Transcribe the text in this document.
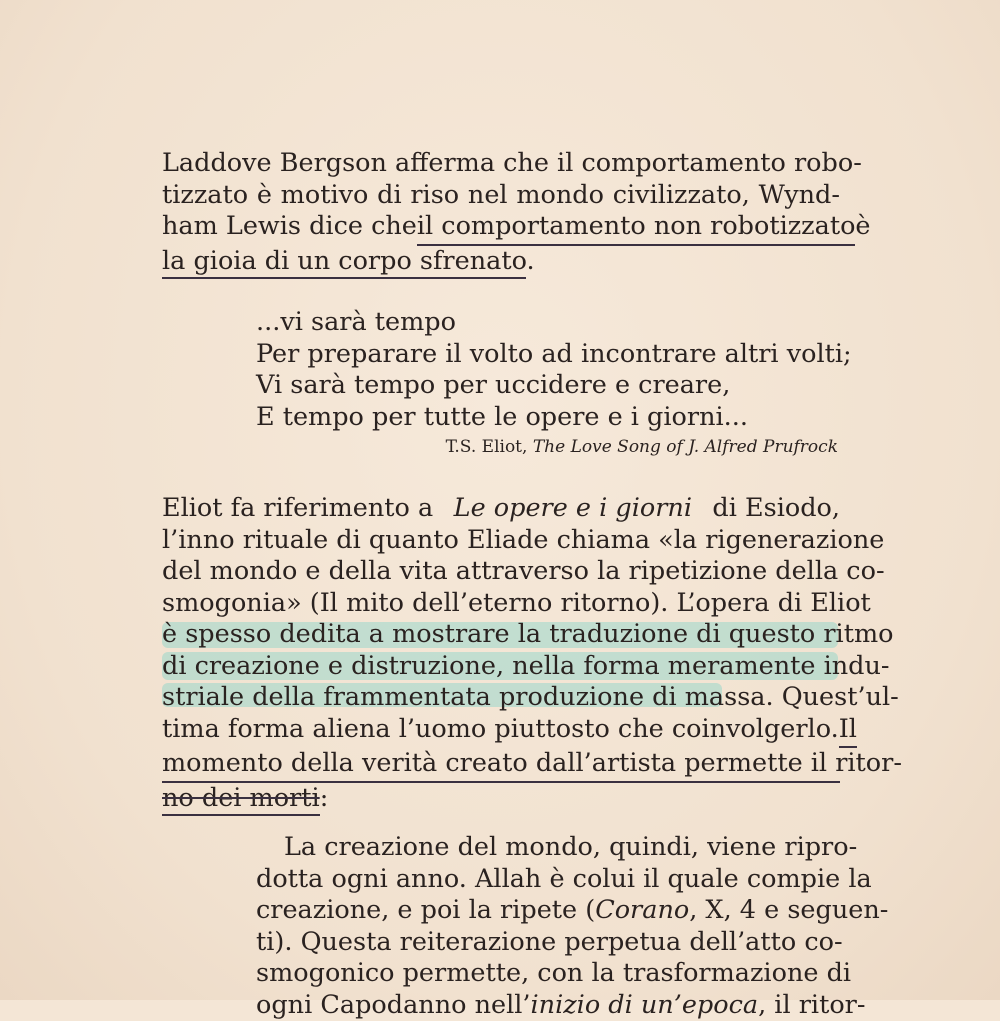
Laddove Bergson afferma che il comportamento robo-
tizzato è motivo di riso nel mondo civilizzato, Wynd-
ham Lewis dice che il comportamento non robotizzato è
la gioia di un corpo sfrenato.
...vi sarà tempo
Per preparare il volto ad incontrare altri volti;
Vi sarà tempo per uccidere e creare,
E tempo per tutte le opere e i giorni...
T.S. Eliot, The Love Song of J. Alfred Prufrock
Eliot fa riferimento a Le opere e i giorni di Esiodo,
l’inno rituale di quanto Eliade chiama «la rigenerazione
del mondo e della vita attraverso la ripetizione della co-
smogonia» (Il mito dell’eterno ritorno). L’opera di Eliot
è spesso dedita a mostrare la traduzione di questo ritmo
di creazione e distruzione, nella forma meramente indu-
striale della frammentata produzione di massa. Quest’ul-
tima forma aliena l’uomo piuttosto che coinvolgerlo. Il
momento della verità creato dall’artista permette il ritor-
no dei morti:
La creazione del mondo, quindi, viene ripro-
dotta ogni anno. Allah è colui il quale compie la
creazione, e poi la ripete (Corano, X, 4 e seguen-
ti). Questa reiterazione perpetua dell’atto co-
smogonico permette, con la trasformazione di
ogni Capodanno nell’inizio di un’epoca, il ritor-
